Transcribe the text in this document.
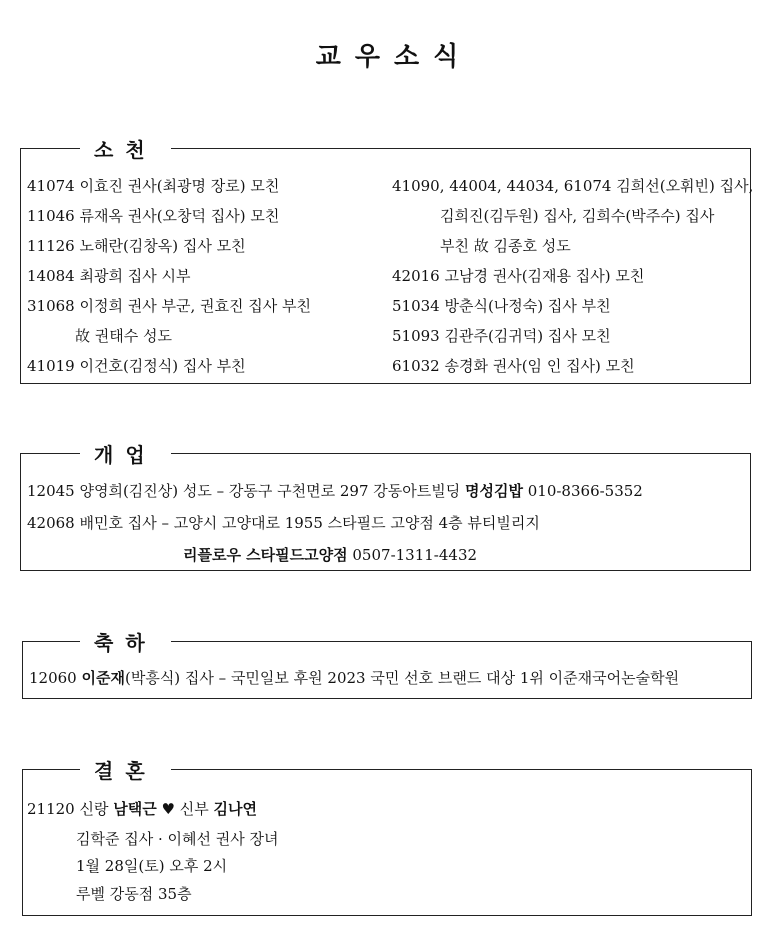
교우소식
소천
41074 이효진 권사(최광명 장로) 모친
11046 류재옥 권사(오창덕 집사) 모친
11126 노해란(김창옥) 집사 모친
14084 최광희 집사 시부
31068 이정희 권사 부군, 권효진 집사 부친
故 권태수 성도
41019 이건호(김정식) 집사 부친
41090, 44004, 44034, 61074 김희선(오휘빈) 집사,
김희진(김두원) 집사, 김희수(박주수) 집사
부친 故 김종호 성도
42016 고남경 권사(김재용 집사) 모친
51034 방춘식(나정숙) 집사 부친
51093 김관주(김귀덕) 집사 모친
61032 송경화 권사(임 인 집사) 모친
개업
12045 양영희(김진상) 성도 – 강동구 구천면로 297 강동아트빌딩 명성김밥 010-8366-5352
42068 배민호 집사 – 고양시 고양대로 1955 스타필드 고양점 4층 뷰티빌리지
리플로우 스타필드고양점 0507-1311-4432
축하
12060 이준재(박흥식) 집사 – 국민일보 후원 2023 국민 선호 브랜드 대상 1위 이준재국어논술학원
결혼
21120 신랑 남택근 ♥ 신부 김나연
김학준 집사 · 이혜선 권사 장녀
1월 28일(토) 오후 2시
루벨 강동점 35층
